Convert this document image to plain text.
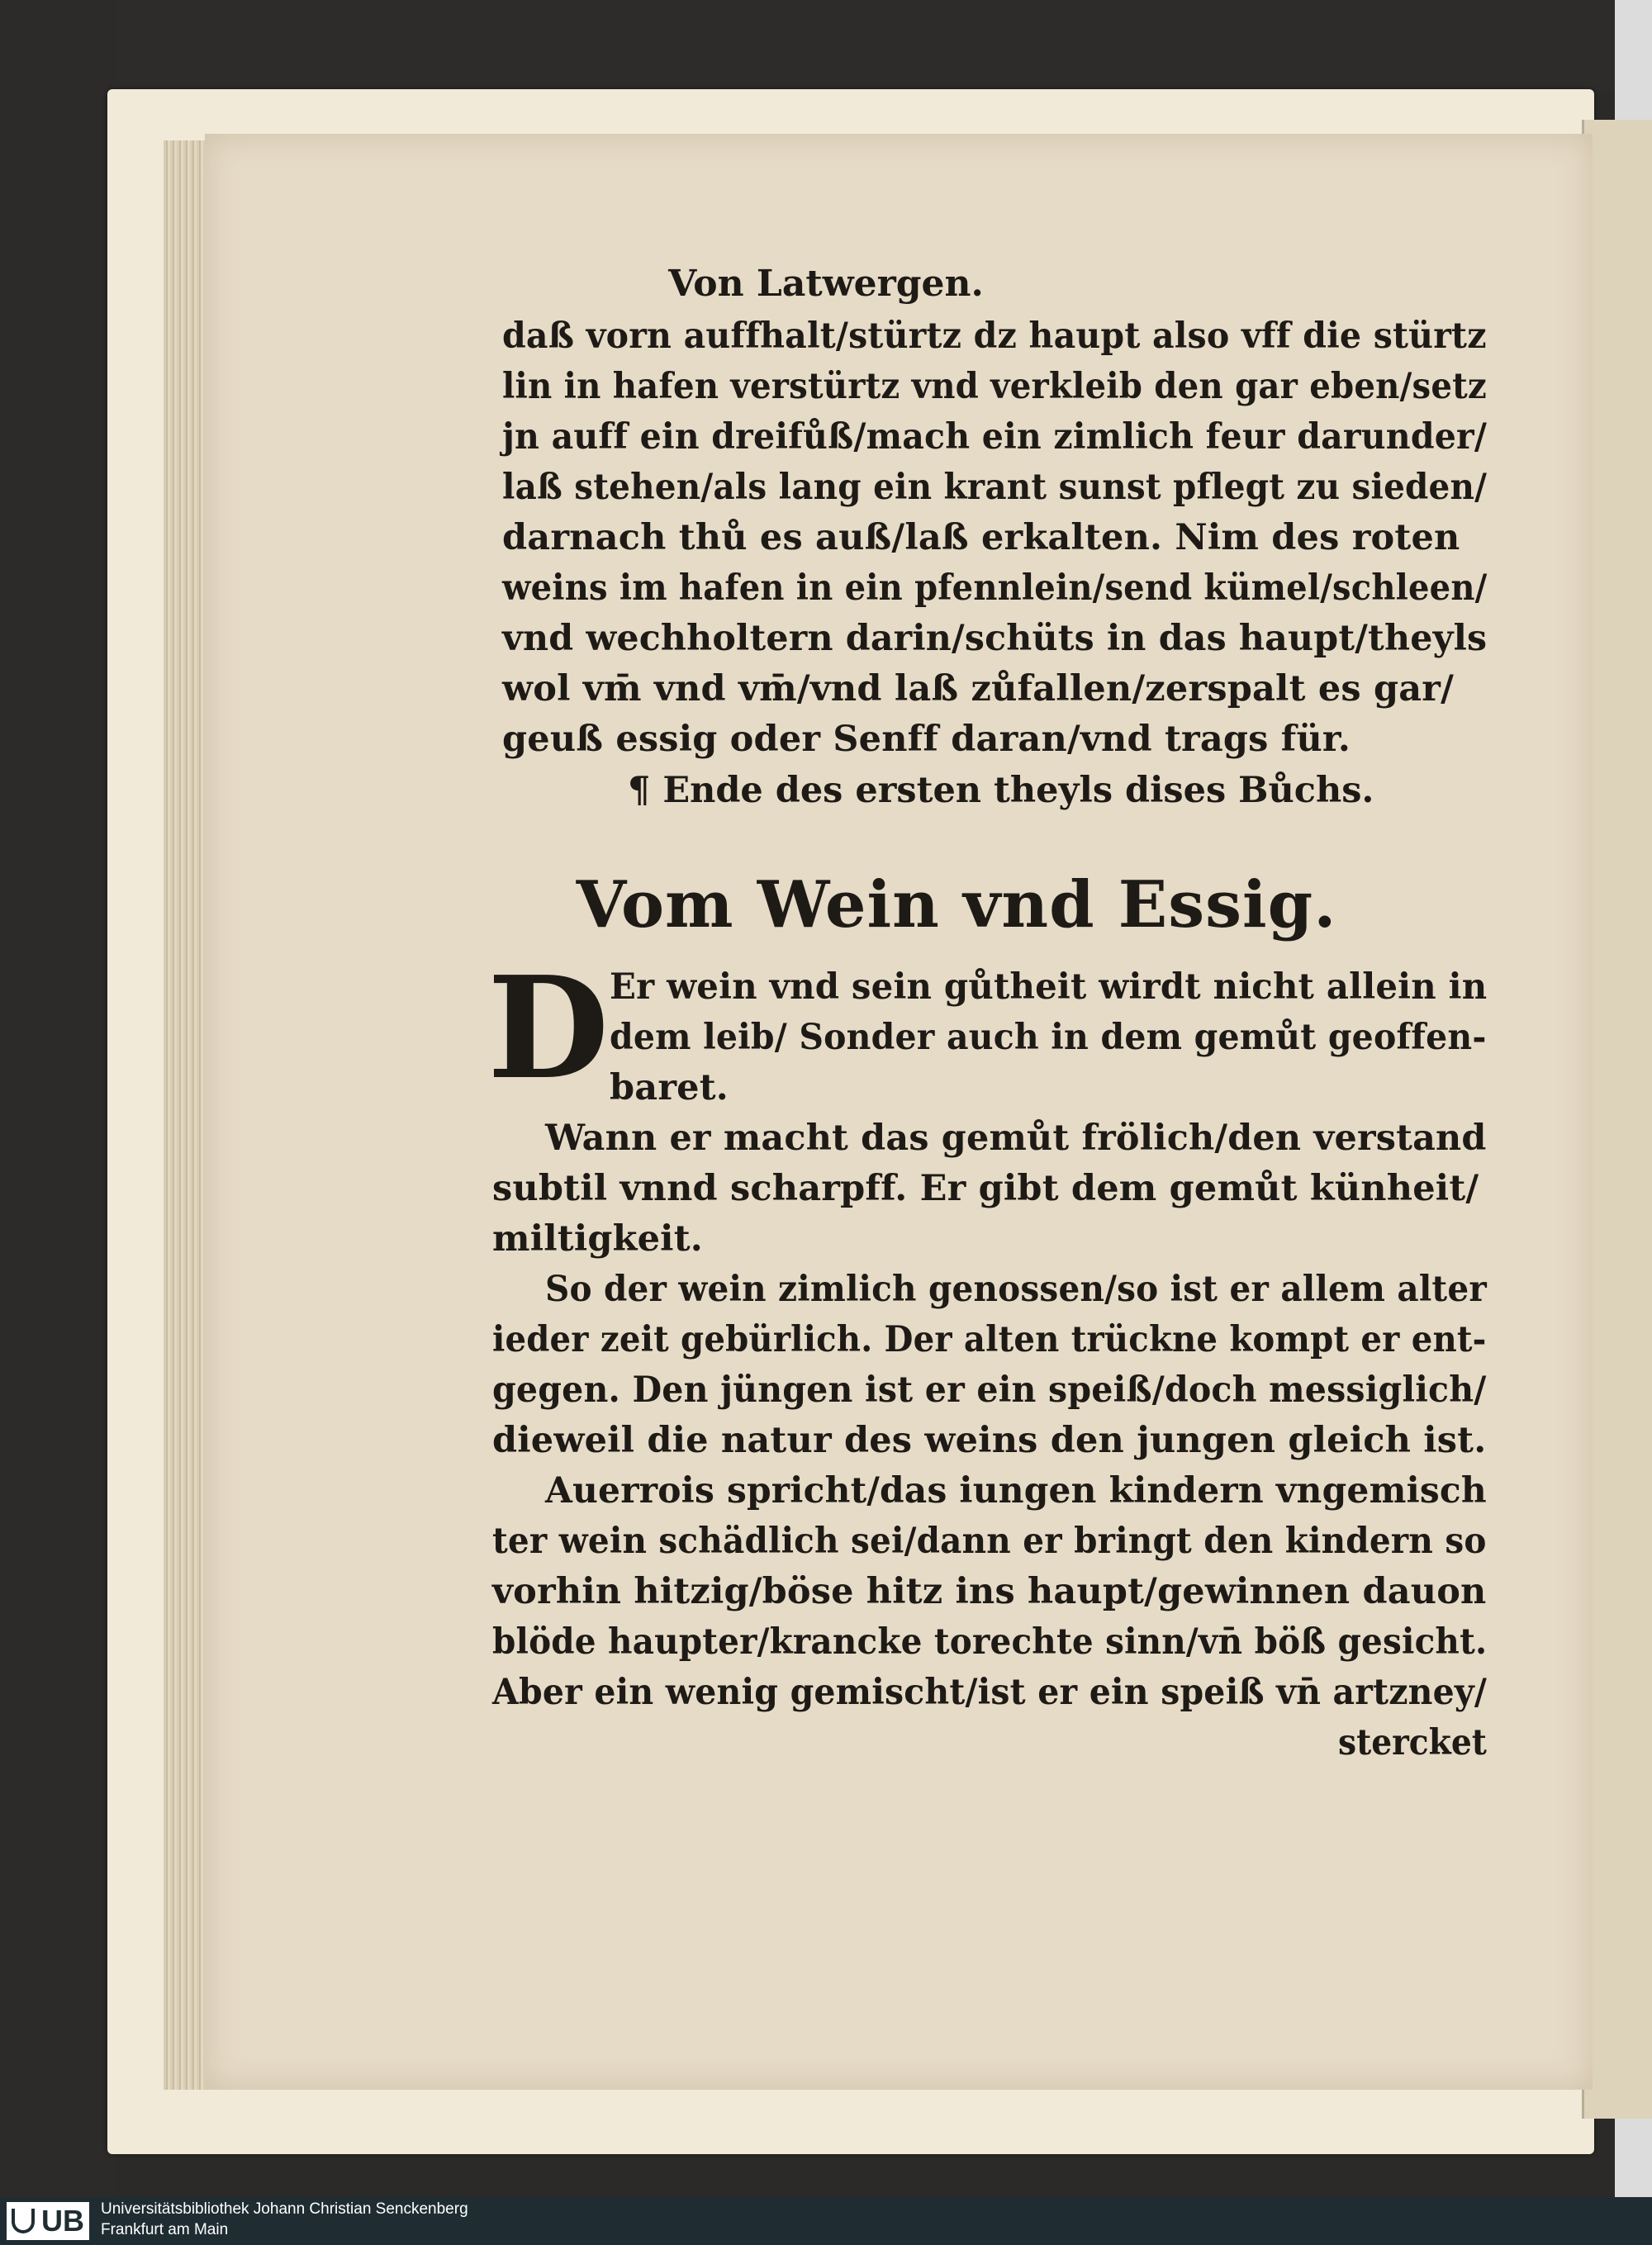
Von Latwergen.
daß vorn auffhalt/stürtz dz haupt also vff die stürtz
lin in hafen verstürtz vnd verkleib den gar eben/setz
jn auff ein dreifůß/mach ein zimlich feur darunder/
laß stehen/als lang ein krant sunst pflegt zu sieden/
darnach thů es auß/laß erkalten. Nim des roten
weins im hafen in ein pfennlein/send kümel/schleen/
vnd wechholtern darin/schüts in das haupt/theyls
wol vm̄ vnd vm̄/vnd laß zůfallen/zerspalt es gar/
geuß essig oder Senff daran/vnd trags für.
¶ Ende des ersten theyls dises Bůchs.
Vom Wein vnd Essig.
D Er wein vnd sein gůtheit wirdt nicht allein in
dem leib/ Sonder auch in dem gemůt geoffen-
baret.
Wann er macht das gemůt frölich/den verstand
subtil vnnd scharpff. Er gibt dem gemůt künheit/
miltigkeit.
So der wein zimlich genossen/so ist er allem alter
ieder zeit gebürlich. Der alten trückne kompt er ent-
gegen. Den jüngen ist er ein speiß/doch messiglich/
dieweil die natur des weins den jungen gleich ist.
Auerrois spricht/das iungen kindern vngemisch
ter wein schädlich sei/dann er bringt den kindern so
vorhin hitzig/böse hitz ins haupt/gewinnen dauon
blöde haupter/krancke torechte sinn/vn̄ böß gesicht.
Aber ein wenig gemischt/ist er ein speiß vn̄ artzney/
stercket
UB	Universitätsbibliothek Johann Christian Senckenberg
Frankfurt am Main
